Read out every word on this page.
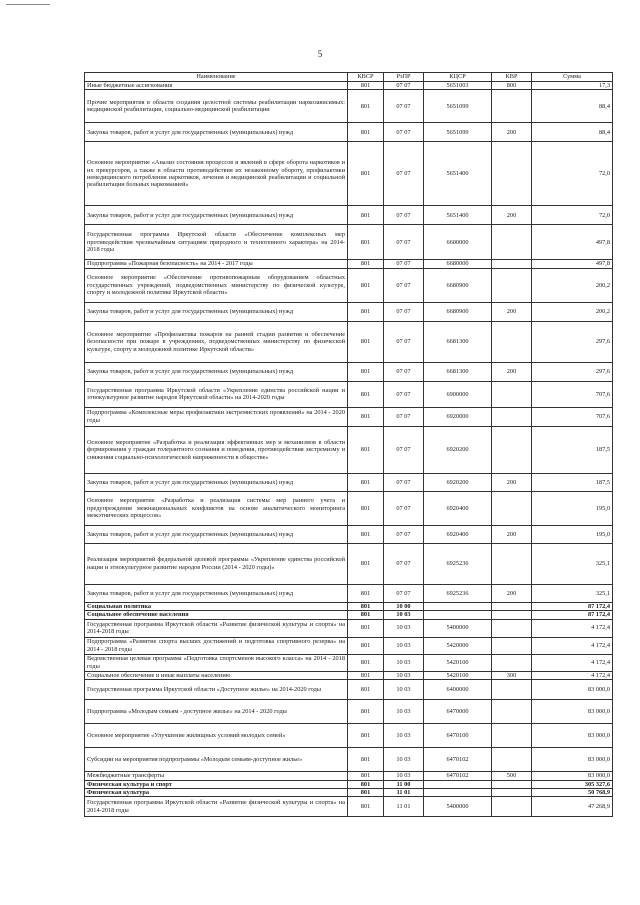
5
Наименование	КВСР	РзПР	КЦСР	КВР	Сумма
Иные бюджетные ассигнования	801	07 07	5651003	800	17,3
Прочие мероприятия в области создания целостной системы реабилитации наркозависимых: медицинской реабилитации, социально-медицинской реабилитации	801	07 07	5651099		88,4
Закупка товаров, работ и услуг для государственных (муниципальных) нужд	801	07 07	5651099	200	88,4
Основное мероприятие «Анализ состояния процессов и явлений в сфере оборота наркотиков и их прекурсоров, а также в области противодействия их незаконному обороту, профилактики немедицинского потребления наркотиков, лечения и медицинской реабилитации и социальной реабилитации больных наркоманией»	801	07 07	5651400		72,0
Закупка товаров, работ и услуг для государственных (муниципальных) нужд	801	07 07	5651400	200	72,0
Государственная программа Иркутской области «Обеспечение комплексных мер противодействия чрезвычайным ситуациям природного и техногенного характера» на 2014-2018 годы	801	07 07	6600000		497,8
Подпрограмма «Пожарная безопасность» на 2014 - 2017 годы	801	07 07	6680000		497,8
Основное мероприятие «Обеспечение противопожарным оборудованием областных государственных учреждений, подведомственных министерству по физической культуре, спорту и молодежной политике Иркутской области»	801	07 07	6680900		200,2
Закупка товаров, работ и услуг для государственных (муниципальных) нужд	801	07 07	6680900	200	200,2
Основное мероприятие «Профилактика пожаров на ранней стадии развития и обеспечение безопасности при пожаре в учреждениях, подведомственных министерству по физической культуре, спорту и молодежной политике Иркутской области»	801	07 07	6681300		297,6
Закупка товаров, работ и услуг для государственных (муниципальных) нужд	801	07 07	6681300	200	297,6
Государственная программа Иркутской области «Укрепление единства российской нации и этнокультурное развитие народов Иркутской области» на 2014-2020 годы	801	07 07	6900000		707,6
Подпрограмма «Комплексные меры профилактики экстремистских проявлений» на 2014 - 2020 годы	801	07 07	6920000		707,6
Основное мероприятие «Разработка и реализация эффективных мер и механизмов в области формирования у граждан толерантного сознания и поведения, противодействия экстремизму и снижения социально-психологической напряженности в обществе»	801	07 07	6920200		187,5
Закупка товаров, работ и услуг для государственных (муниципальных) нужд	801	07 07	6920200	200	187,5
Основное мероприятие «Разработка и реализация системы мер раннего учета и предупреждения межнациональных конфликтов на основе аналитического мониторинга межэтнических процессов»	801	07 07	6920400		195,0
Закупка товаров, работ и услуг для государственных (муниципальных) нужд	801	07 07	6920400	200	195,0
Реализация мероприятий федеральной целевой программы «Укрепление единства российской нации и этнокультурное развитие народов России (2014 - 2020 годы)»	801	07 07	6925236		325,1
Закупка товаров, работ и услуг для государственных (муниципальных) нужд	801	07 07	6925236	200	325,1
Социальная политика	801	10 00			87 172,4
Социальное обеспечение населения	801	10 03			87 172,4
Государственная программа Иркутской области «Развитие физической культуры и спорта» на 2014-2018 годы	801	10 03	5400000		4 172,4
Подпрограмма «Развитие спорта высших достижений и подготовка спортивного резерва» на 2014 - 2018 годы	801	10 03	5420000		4 172,4
Ведомственная целевая программа «Подготовка спортсменов высокого класса» на 2014 - 2018 годы	801	10 03	5420100		4 172,4
Социальное обеспечение и иные выплаты населению	801	10 03	5420100	300	4 172,4
Государственная программа Иркутской области «Доступное жилье» на 2014-2020 годы	801	10 03	6400000		83 000,0
Подпрограмма «Молодым семьям - доступное жилье» на 2014 - 2020 годы	801	10 03	6470000		83 000,0
Основное мероприятие «Улучшение жилищных условий молодых семей»	801	10 03	6470100		83 000,0
Субсидии на мероприятия подпрограммы «Молодым семьям-доступное жилье»	801	10 03	6470102		83 000,0
Межбюджетные трансферты	801	10 03	6470102	500	83 000,0
Физическая культура и спорт	801	11 00			305 327,6
Физическая культура	801	11 01			50 768,9
Государственная программа Иркутской области «Развитие физической культуры и спорта» на 2014-2018 годы	801	11 01	5400000		47 268,9
